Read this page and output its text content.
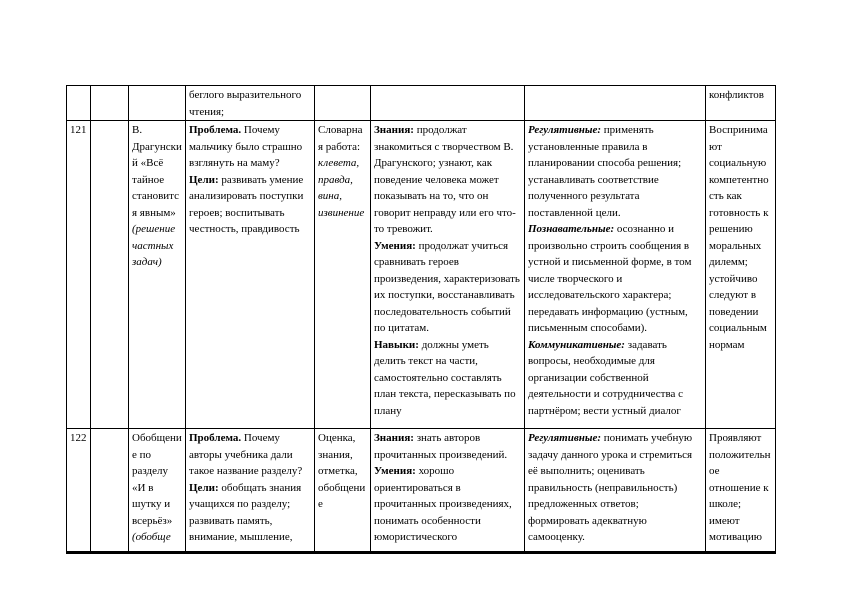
беглого выразительного чтения;
конфликтов
121	В. Драгунский «Всё тайное становится явным» (решение частных задач)
Проблема. Почему мальчику было страшно взглянуть на маму?
Цели: развивать умение анализировать поступки героев; воспитывать честность, правдивость
Словарная работа: клевета, правда, вина, извинение
Знания: продолжат знакомиться с творчеством В. Драгунского; узнают, как поведение человека может показывать на то, что он говорит неправду или его что-то тревожит.
Умения: продолжат учиться сравнивать героев произведения, характеризовать их поступки, восстанавливать последовательность событий по цитатам.
Навыки: должны уметь делить текст на части, самостоятельно составлять план текста, пересказывать по плану
Регулятивные: применять установленные правила в планировании способа решения; устанавливать соответствие полученного результата поставленной цели.
Познавательные: осознанно и произвольно строить сообщения в устной и письменной форме, в том числе творческого и исследовательского характера; передавать информацию (устным, письменным способами).
Коммуникативные: задавать вопросы, необходимые для организации собственной деятельности и сотрудничества с партнёром; вести устный диалог
Воспринимают социальную компетентность как готовность к решению моральных дилемм; устойчиво следуют в поведении социальным нормам
122	Обобщение по разделу «И в шутку и всерьёз» (обобще
Проблема. Почему авторы учебника дали такое название разделу?
Цели: обобщать знания учащихся по разделу; развивать память, внимание, мышление,
Оценка, знания, отметка, обобщение
Знания: знать авторов прочитанных произведений.
Умения: хорошо ориентироваться в прочитанных произведениях, понимать особенности юмористического
Регулятивные: понимать учебную задачу данного урока и стремиться её выполнить; оценивать правильность (неправильность) предложенных ответов; формировать адекватную самооценку.
Проявляют положительное отношение к школе; имеют мотивацию
